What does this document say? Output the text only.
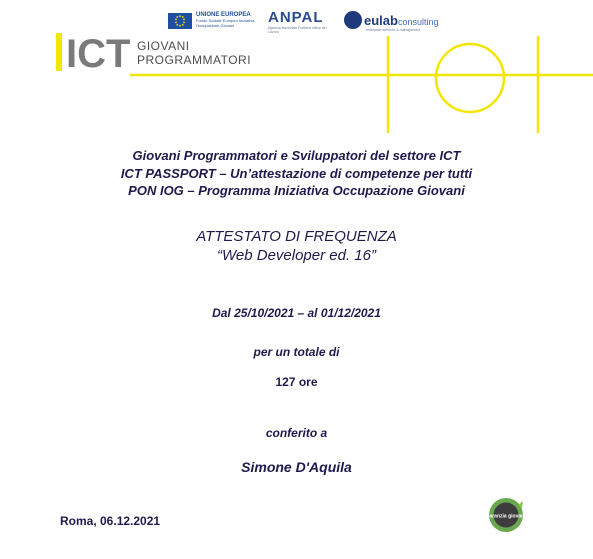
UNIONE EUROPEA
Fondo Sociale Europeo Iniziativa Occupazione Giovani	ANPAL
Agenzia Nazionale Politiche Attive del Lavoro
eulabconsulting
enterprise services & management
ICT GIOVANI
PROGRAMMATORI
Giovani Programmatori e Sviluppatori del settore ICT
ICT PASSPORT – Un’attestazione di competenze per tutti
PON IOG – Programma Iniziativa Occupazione Giovani
ATTESTATO DI FREQUENZA
“Web Developer ed. 16”
Dal 25/10/2021 – al 01/12/2021
per un totale di
127 ore
conferito a
Simone D'Aquila
Roma, 06.12.2021	garanzia giovani
